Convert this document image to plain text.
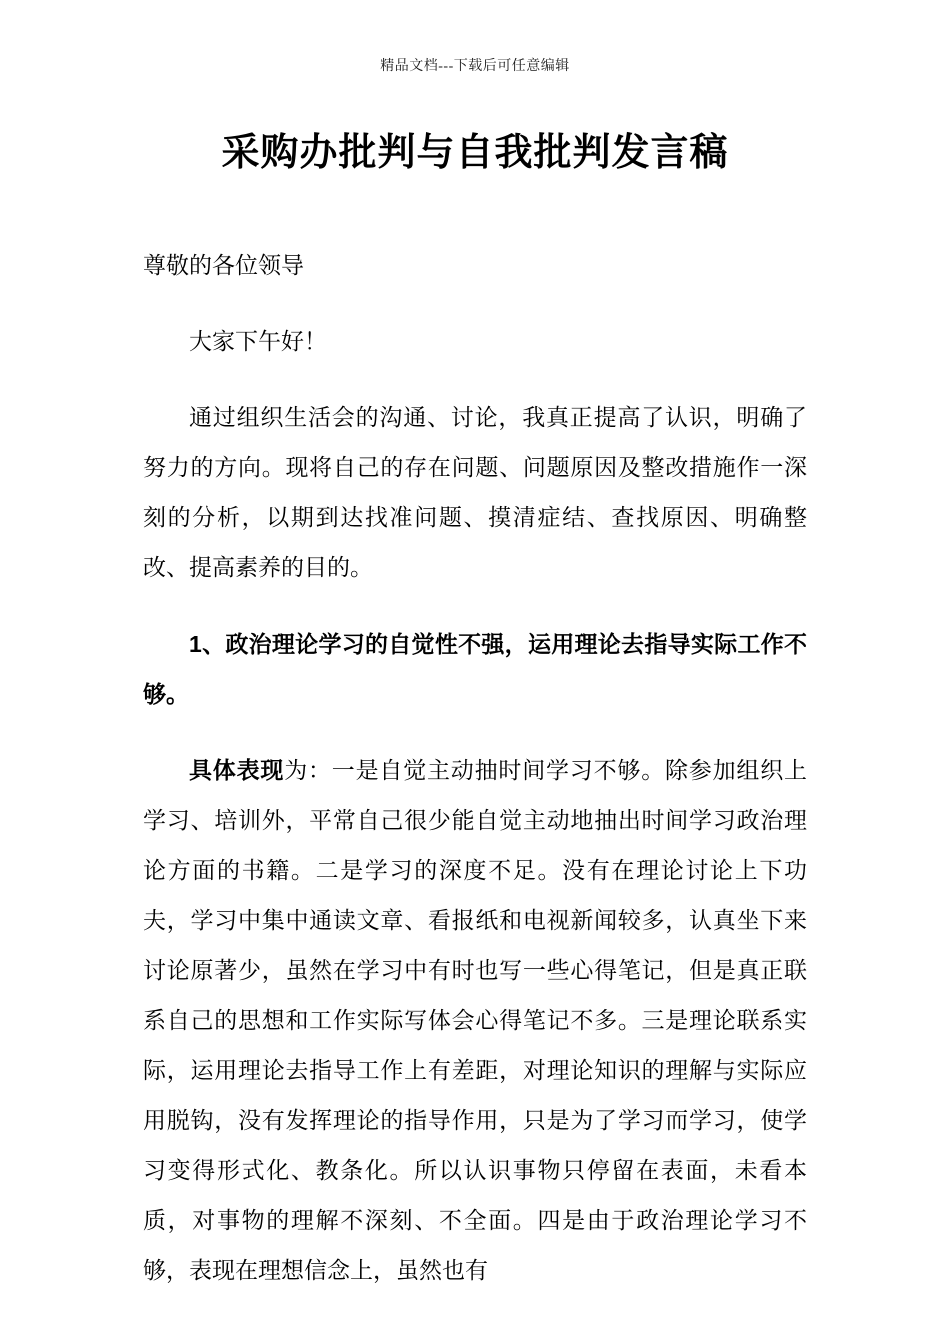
精品文档---下载后可任意编辑
采购办批判与自我批判发言稿

尊敬的各位领导

大家下午好！

通过组织生活会的沟通、讨论，我真正提高了认识，明确了努力的方向。现将自己的存在问题、问题原因及整改措施作一深刻的分析，以期到达找准问题、摸清症结、查找原因、明确整改、提高素养的目的。

1、政治理论学习的自觉性不强，运用理论去指导实际工作不够。

具体表现为：一是自觉主动抽时间学习不够。除参加组织上学习、培训外，平常自己很少能自觉主动地抽出时间学习政治理论方面的书籍。二是学习的深度不足。没有在理论讨论上下功夫，学习中集中通读文章、看报纸和电视新闻较多，认真坐下来讨论原著少，虽然在学习中有时也写一些心得笔记，但是真正联系自己的思想和工作实际写体会心得笔记不多。三是理论联系实际，运用理论去指导工作上有差距，对理论知识的理解与实际应用脱钩，没有发挥理论的指导作用，只是为了学习而学习，使学习变得形式化、教条化。所以认识事物只停留在表面，未看本质，对事物的理解不深刻、不全面。四是由于政治理论学习不够，表现在理想信念上，虽然也有
